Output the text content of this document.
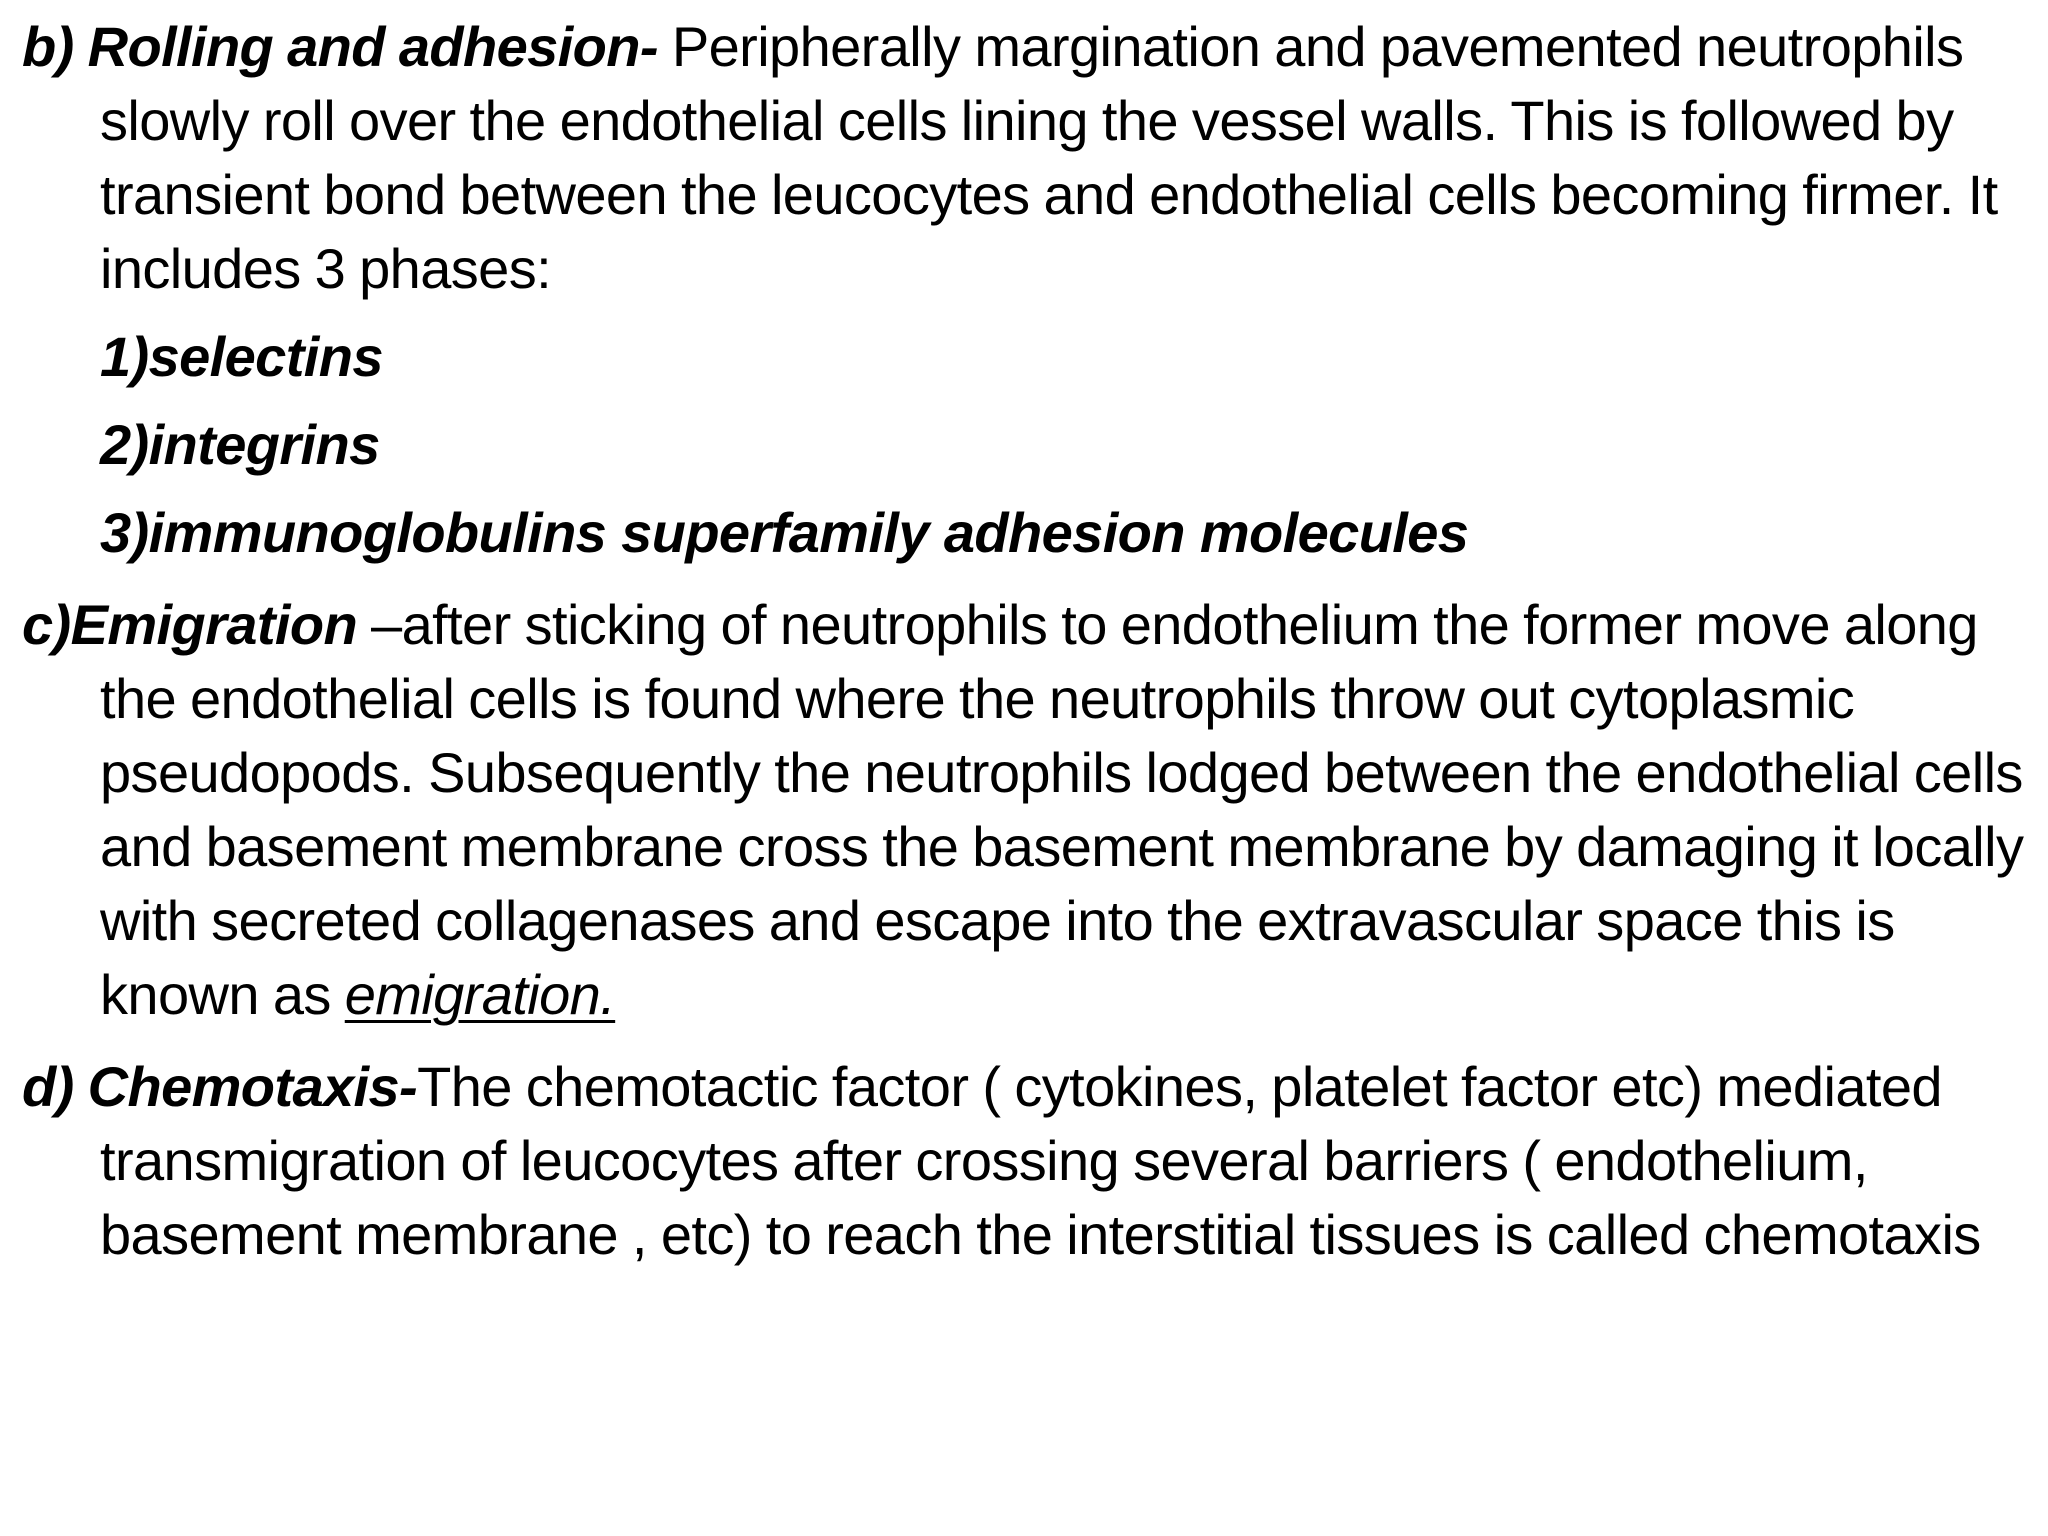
b) Rolling and adhesion- Peripherally margination and pavemented neutrophils slowly roll over the endothelial cells lining the vessel walls. This is followed by transient bond between the leucocytes and endothelial cells becoming firmer. It includes 3 phases:

1)selectins

2)integrins

3)immunoglobulins superfamily adhesion molecules

c)Emigration –after sticking of neutrophils to endothelium the former move along the endothelial cells is found where the neutrophils throw out cytoplasmic pseudopods. Subsequently the neutrophils lodged between the endothelial cells and basement membrane cross the basement membrane by damaging it locally with secreted collagenases and escape into the extravascular space this is known as emigration.

d) Chemotaxis-The chemotactic factor ( cytokines, platelet factor etc) mediated transmigration of leucocytes after crossing several barriers ( endothelium, basement membrane , etc) to reach the interstitial tissues is called chemotaxis
